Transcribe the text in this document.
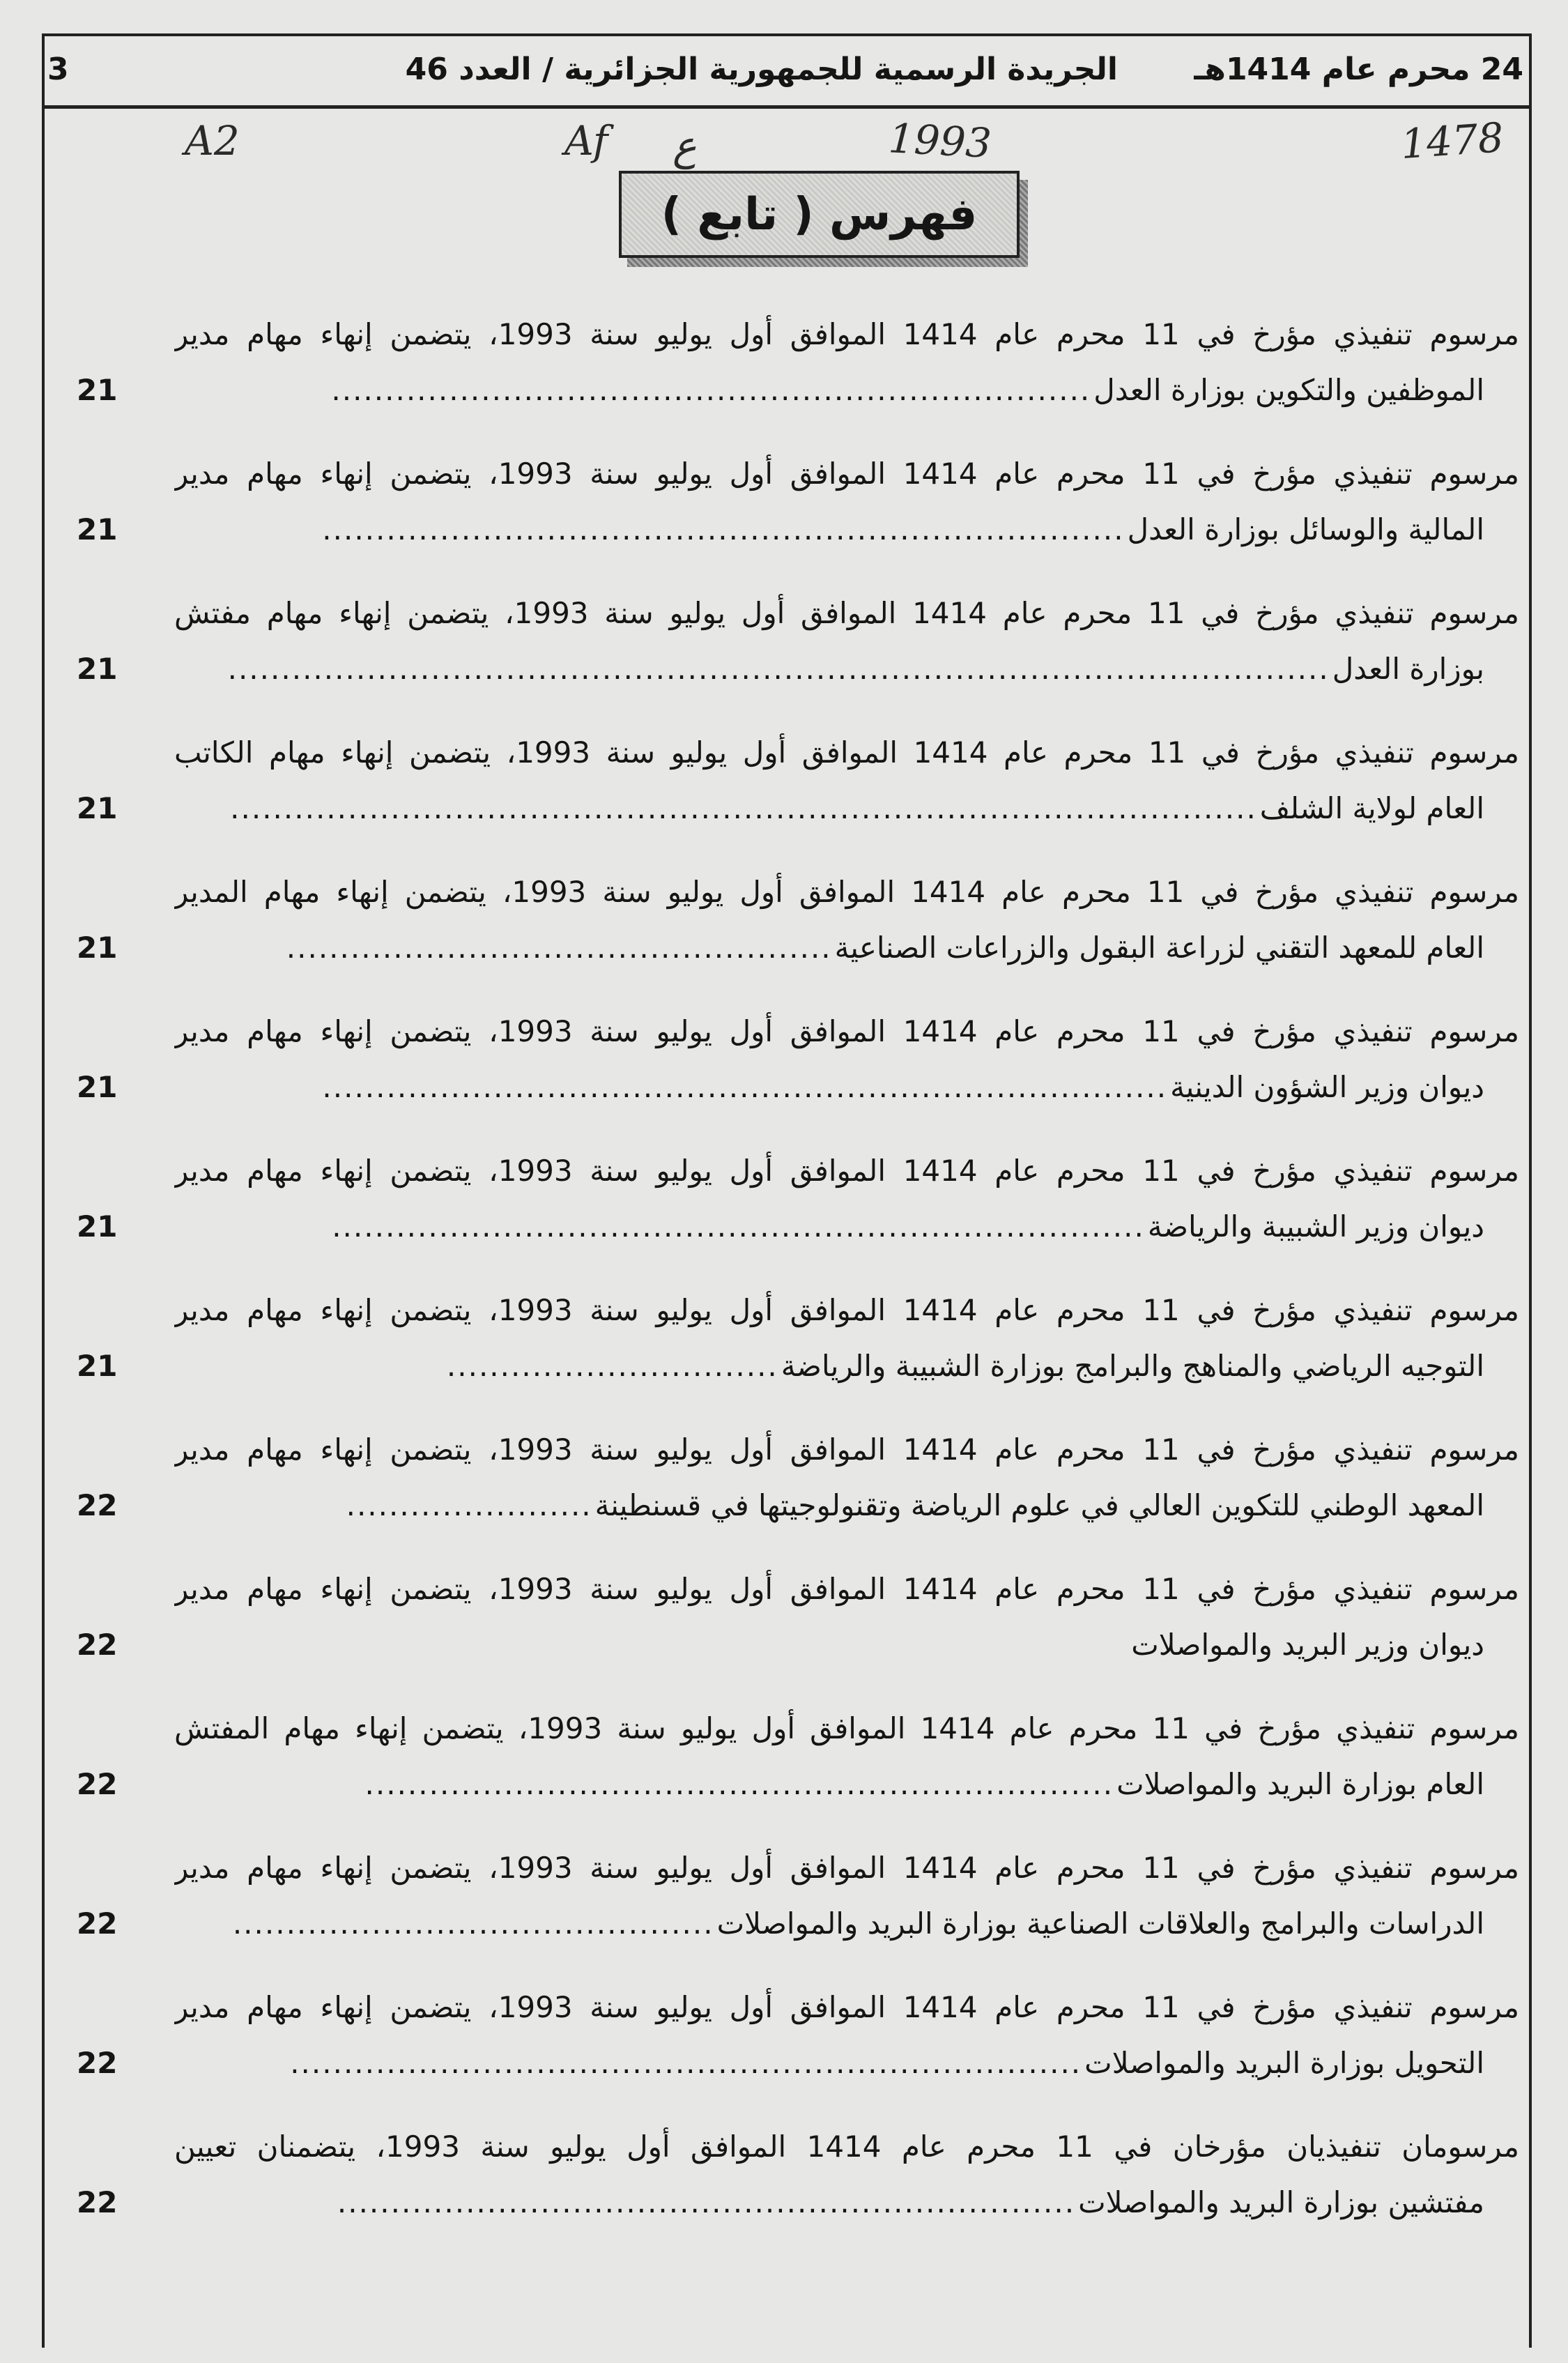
3	الجريدة الرسمية للجمهورية الجزائرية / العدد 46 24 محرم عام 1414هـ
1478
1993
ع
Af
A2
فهرس ( تابع )
مرسوم تنفيذي مؤرخ في 11 محرم عام 1414 الموافق أول يوليو سنة 1993، يتضمن إنهاء مهام مدير
الموظفين والتكوين بوزارة العدل.......................................................................
21
مرسوم تنفيذي مؤرخ في 11 محرم عام 1414 الموافق أول يوليو سنة 1993، يتضمن إنهاء مهام مدير
المالية والوسائل بوزارة العدل...........................................................................
21
مرسوم تنفيذي مؤرخ في 11 محرم عام 1414 الموافق أول يوليو سنة 1993، يتضمن إنهاء مهام مفتش
بوزارة العدل.......................................................................................................
21
مرسوم تنفيذي مؤرخ في 11 محرم عام 1414 الموافق أول يوليو سنة 1993، يتضمن إنهاء مهام الكاتب
العام لولاية الشلف................................................................................................
21
مرسوم تنفيذي مؤرخ في 11 محرم عام 1414 الموافق أول يوليو سنة 1993، يتضمن إنهاء مهام المدير
العام للمعهد التقني لزراعة البقول والزراعات الصناعية...................................................
21
مرسوم تنفيذي مؤرخ في 11 محرم عام 1414 الموافق أول يوليو سنة 1993، يتضمن إنهاء مهام مدير
ديوان وزير الشؤون الدينية...............................................................................
21
مرسوم تنفيذي مؤرخ في 11 محرم عام 1414 الموافق أول يوليو سنة 1993، يتضمن إنهاء مهام مدير
ديوان وزير الشبيبة والرياضة............................................................................
21
مرسوم تنفيذي مؤرخ في 11 محرم عام 1414 الموافق أول يوليو سنة 1993، يتضمن إنهاء مهام مدير
التوجيه الرياضي والمناهج والبرامج بوزارة الشبيبة والرياضة...............................
21
مرسوم تنفيذي مؤرخ في 11 محرم عام 1414 الموافق أول يوليو سنة 1993، يتضمن إنهاء مهام مدير
المعهد الوطني للتكوين العالي في علوم الرياضة وتقنولوجيتها في قسنطينة.......................
22
مرسوم تنفيذي مؤرخ في 11 محرم عام 1414 الموافق أول يوليو سنة 1993، يتضمن إنهاء مهام مدير
ديوان وزير البريد والمواصلات
22
مرسوم تنفيذي مؤرخ في 11 محرم عام 1414 الموافق أول يوليو سنة 1993، يتضمن إنهاء مهام المفتش
العام بوزارة البريد والمواصلات......................................................................
22
مرسوم تنفيذي مؤرخ في 11 محرم عام 1414 الموافق أول يوليو سنة 1993، يتضمن إنهاء مهام مدير
الدراسات والبرامج والعلاقات الصناعية بوزارة البريد والمواصلات.............................................
22
مرسوم تنفيذي مؤرخ في 11 محرم عام 1414 الموافق أول يوليو سنة 1993، يتضمن إنهاء مهام مدير
التحويل بوزارة البريد والمواصلات..........................................................................
22
مرسومان تنفيذيان مؤرخان في 11 محرم عام 1414 الموافق أول يوليو سنة 1993، يتضمنان تعيين
مفتشين بوزارة البريد والمواصلات.....................................................................
22
